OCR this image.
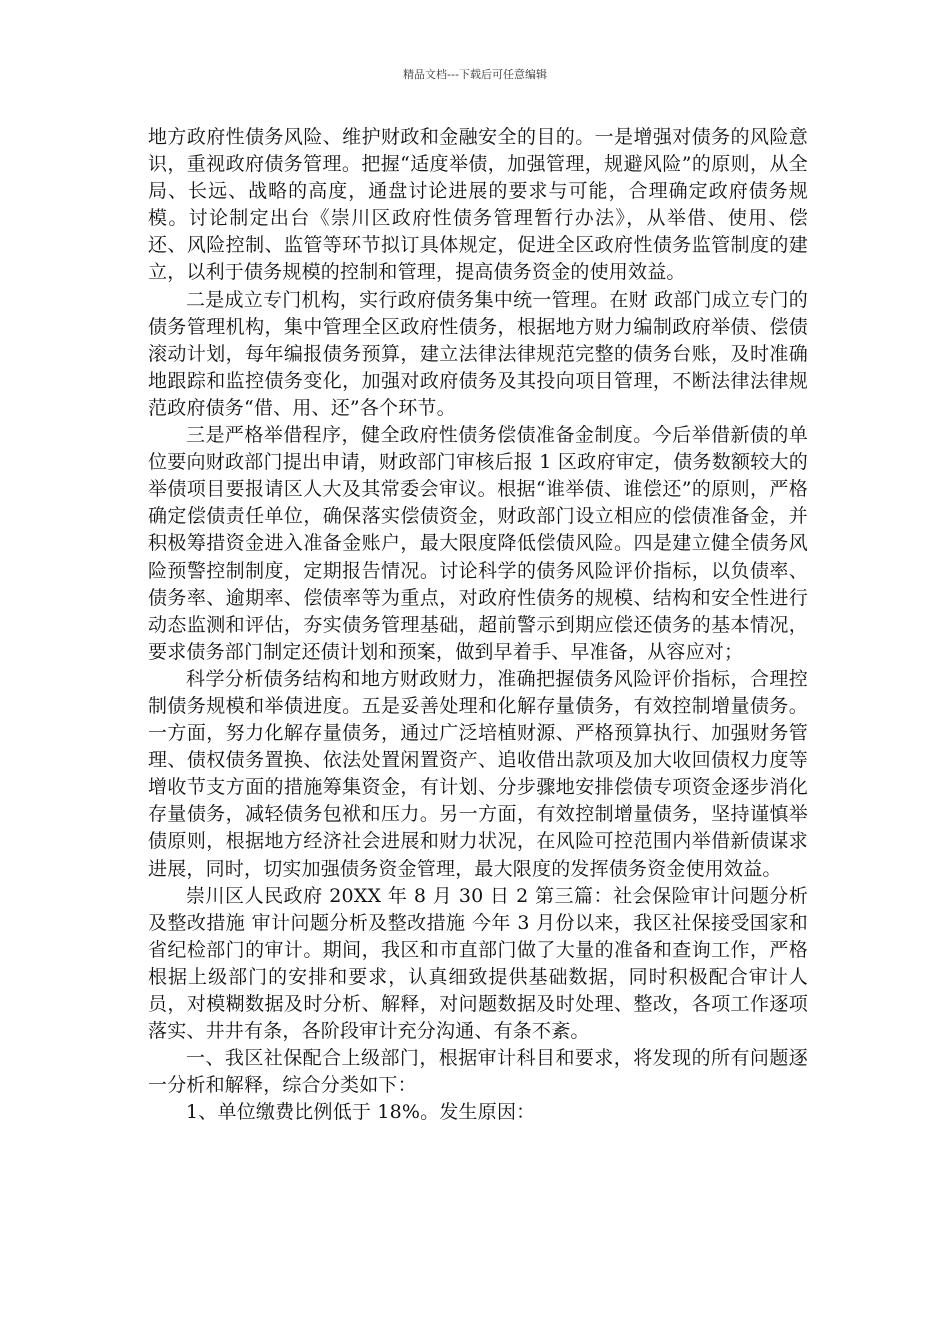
精品文档---下载后可任意编辑

地方政府性债务风险、维护财政和金融安全的目的。一是增强对债务的风险意识，重视政府债务管理。把握“适度举债，加强管理，规避风险”的原则，从全局、长远、战略的高度，通盘讨论进展的要求与可能，合理确定政府债务规模。讨论制定出台《崇川区政府性债务管理暂行办法》，从举借、使用、偿还、风险控制、监管等环节拟订具体规定，促进全区政府性债务监管制度的建立，以利于债务规模的控制和管理，提高债务资金的使用效益。

二是成立专门机构，实行政府债务集中统一管理。在财 政部门成立专门的债务管理机构，集中管理全区政府性债务，根据地方财力编制政府举债、偿债滚动计划，每年编报债务预算，建立法律法律规范完整的债务台账，及时准确地跟踪和监控债务变化，加强对政府债务及其投向项目管理，不断法律法律规范政府债务“借、用、还”各个环节。

三是严格举借程序，健全政府性债务偿债准备金制度。今后举借新债的单位要向财政部门提出申请，财政部门审核后报 1 区政府审定，债务数额较大的举债项目要报请区人大及其常委会审议。根据“谁举债、谁偿还”的原则，严格确定偿债责任单位，确保落实偿债资金，财政部门设立相应的偿债准备金，并积极筹措资金进入准备金账户，最大限度降低偿债风险。四是建立健全债务风险预警控制制度，定期报告情况。讨论科学的债务风险评价指标，以负债率、债务率、逾期率、偿债率等为重点，对政府性债务的规模、结构和安全性进行动态监测和评估，夯实债务管理基础，超前警示到期应偿还债务的基本情况，要求债务部门制定还债计划和预案，做到早着手、早准备，从容应对；

科学分析债务结构和地方财政财力，准确把握债务风险评价指标，合理控制债务规模和举债进度。五是妥善处理和化解存量债务，有效控制增量债务。一方面，努力化解存量债务，通过广泛培植财源、严格预算执行、加强财务管理、债权债务置换、依法处置闲置资产、追收借出款项及加大收回债权力度等增收节支方面的措施筹集资金，有计划、分步骤地安排偿债专项资金逐步消化存量债务，减轻债务包袱和压力。另一方面，有效控制增量债务，坚持谨慎举债原则，根据地方经济社会进展和财力状况，在风险可控范围内举借新债谋求进展，同时，切实加强债务资金管理，最大限度的发挥债务资金使用效益。

崇川区人民政府 20XX 年 8 月 30 日 2 第三篇：社会保险审计问题分析及整改措施 审计问题分析及整改措施 今年 3 月份以来，我区社保接受国家和省纪检部门的审计。期间，我区和市直部门做了大量的准备和查询工作，严格根据上级部门的安排和要求，认真细致提供基础数据，同时积极配合审计人员，对模糊数据及时分析、解释，对问题数据及时处理、整改，各项工作逐项落实、井井有条，各阶段审计充分沟通、有条不紊。

一、我区社保配合上级部门，根据审计科目和要求，将发现的所有问题逐一分析和解释，综合分类如下：

1、单位缴费比例低于 18%。发生原因：
